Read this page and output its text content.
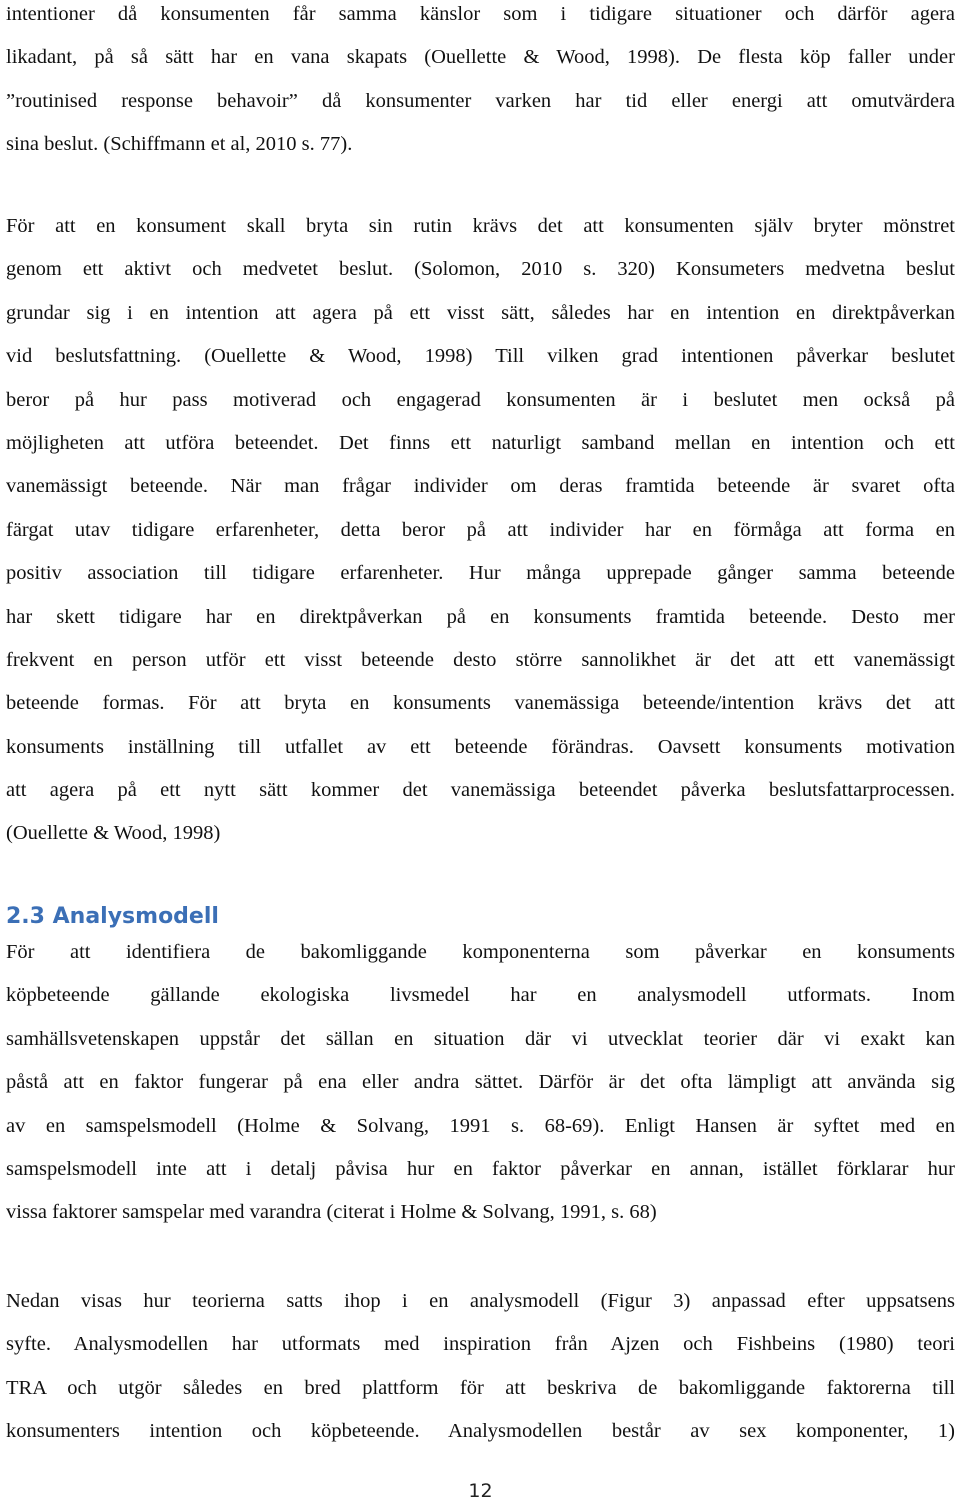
intentioner då konsumenten får samma känslor som i tidigare situationer och därför agera
likadant, på så sätt har en vana skapats (Ouellette & Wood, 1998). De flesta köp faller under
”routinised response behavoir” då konsumenter varken har tid eller energi att omutvärdera
sina beslut. (Schiffmann et al, 2010 s. 77).
För att en konsument skall bryta sin rutin krävs det att konsumenten själv bryter mönstret
genom ett aktivt och medvetet beslut. (Solomon, 2010 s. 320) Konsumeters medvetna beslut
grundar sig i en intention att agera på ett visst sätt, således har en intention en direktpåverkan
vid beslutsfattning. (Ouellette & Wood, 1998) Till vilken grad intentionen påverkar beslutet
beror på hur pass motiverad och engagerad konsumenten är i beslutet men också på
möjligheten att utföra beteendet. Det finns ett naturligt samband mellan en intention och ett
vanemässigt beteende. När man frågar individer om deras framtida beteende är svaret ofta
färgat utav tidigare erfarenheter, detta beror på att individer har en förmåga att forma en
positiv association till tidigare erfarenheter. Hur många upprepade gånger samma beteende
har skett tidigare har en direktpåverkan på en konsuments framtida beteende. Desto mer
frekvent en person utför ett visst beteende desto större sannolikhet är det att ett vanemässigt
beteende formas. För att bryta en konsuments vanemässiga beteende/intention krävs det att
konsuments inställning till utfallet av ett beteende förändras. Oavsett konsuments motivation
att agera på ett nytt sätt kommer det vanemässiga beteendet påverka beslutsfattarprocessen.
(Ouellette & Wood, 1998)
2.3 Analysmodell
För att identifiera de bakomliggande komponenterna som påverkar en konsuments
köpbeteende gällande ekologiska livsmedel har en analysmodell utformats. Inom
samhällsvetenskapen uppstår det sällan en situation där vi utvecklat teorier där vi exakt kan
påstå att en faktor fungerar på ena eller andra sättet. Därför är det ofta lämpligt att använda sig
av en samspelsmodell (Holme & Solvang, 1991 s. 68-69). Enligt Hansen är syftet med en
samspelsmodell inte att i detalj påvisa hur en faktor påverkar en annan, istället förklarar hur
vissa faktorer samspelar med varandra (citerat i Holme & Solvang, 1991, s. 68)
Nedan visas hur teorierna satts ihop i en analysmodell (Figur 3) anpassad efter uppsatsens
syfte. Analysmodellen har utformats med inspiration från Ajzen och Fishbeins (1980) teori
TRA och utgör således en bred plattform för att beskriva de bakomliggande faktorerna till
konsumenters intention och köpbeteende. Analysmodellen består av sex komponenter, 1)
12
